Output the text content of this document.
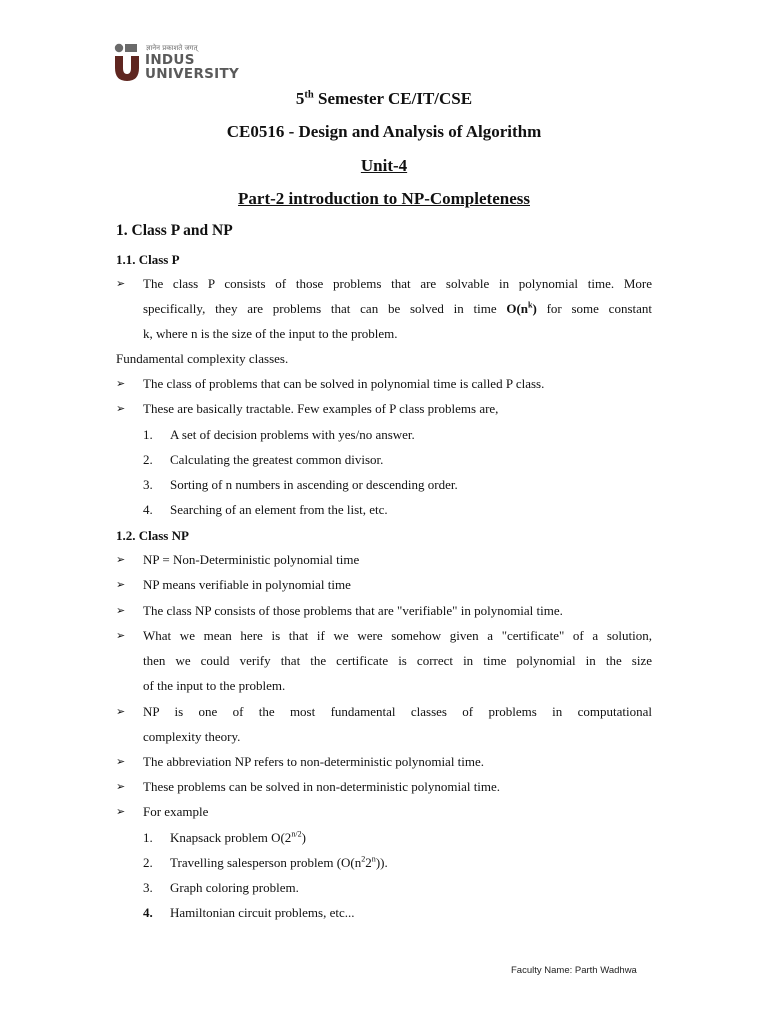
ज्ञानेन प्रकाशते जगत्
INDUS
UNIVERSITY
5th Semester CE/IT/CSE
CE0516 - Design and Analysis of Algorithm
Unit-4
Part-2 introduction to NP-Completeness
1. Class P and NP
1.1. Class P
➢ The class P consists of those problems that are solvable in polynomial time. More
specifically, they are problems that can be solved in time $O(n^k)$ for some constant
k, where n is the size of the input to the problem.
Fundamental complexity classes.
➢ The class of problems that can be solved in polynomial time is called P class.
➢ These are basically tractable. Few examples of P class problems are,
1. A set of decision problems with yes/no answer.
2. Calculating the greatest common divisor.
3. Sorting of n numbers in ascending or descending order.
4. Searching of an element from the list, etc.
1.2. Class NP
➢ NP = Non-Deterministic polynomial time
➢ NP means verifiable in polynomial time
➢ The class NP consists of those problems that are "verifiable" in polynomial time.
➢ What we mean here is that if we were somehow given a "certificate" of a solution,
then we could verify that the certificate is correct in time polynomial in the size
of the input to the problem.
➢ NP is one of the most fundamental classes of problems in computational
complexity theory.
➢ The abbreviation NP refers to non-deterministic polynomial time.
➢ These problems can be solved in non-deterministic polynomial time.
➢ For example
1. Knapsack problem $O(2^{n/2})$
2. Travelling salesperson problem $(O(n^22^n))$.
3. Graph coloring problem.
4. Hamiltonian circuit problems, etc...
Faculty Name: Parth Wadhwa
